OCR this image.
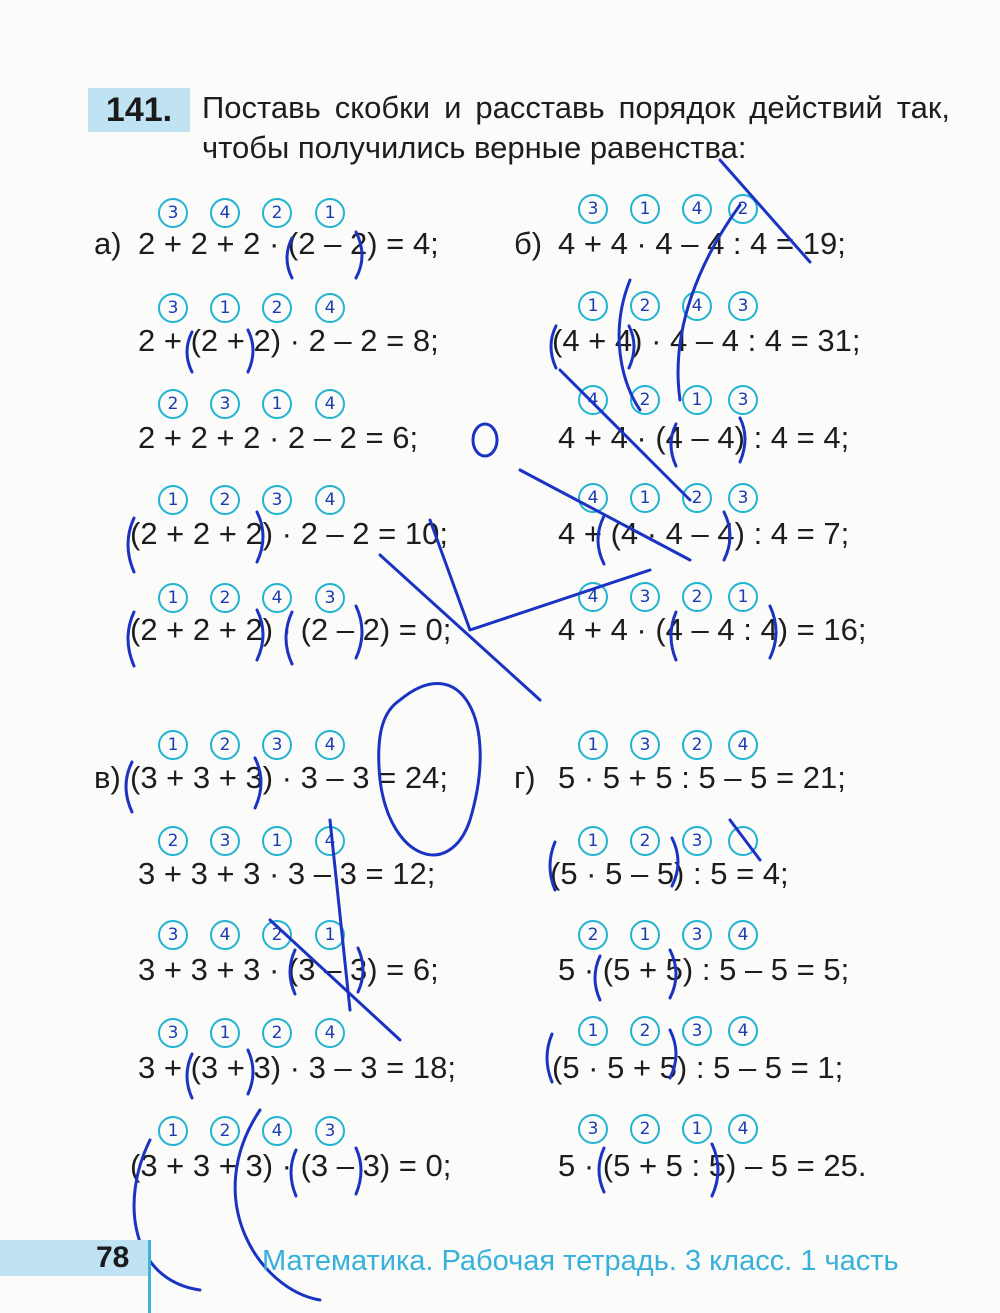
141. Поставь скобки и расставь порядок действий так, чтобы получились верные равенства:
а)	б)
в)	г)
2 + 2 + 2 · (2 – 2) = 4;
2 + (2 + 2) · 2 – 2 = 8;
2 + 2 + 2 · 2 – 2 = 6;
(2 + 2 + 2) · 2 – 2 = 10;
(2 + 2 + 2) · (2 – 2) = 0;
4 + 4 · 4 – 4 : 4 = 19;
(4 + 4) · 4 – 4 : 4 = 31;
4 + 4 · (4 – 4) : 4 = 4;
4 + (4 · 4 – 4) : 4 = 7;
4 + 4 · (4 – 4 : 4) = 16;
(3 + 3 + 3) · 3 – 3 = 24;
3 + 3 + 3 · 3 – 3 = 12;
3 + 3 + 3 · (3 – 3) = 6;
3 + (3 + 3) · 3 – 3 = 18;
(3 + 3 + 3) · (3 – 3) = 0;
5 · 5 + 5 : 5 – 5 = 21;
(5 · 5 – 5) : 5 = 4;
5 · (5 + 5) : 5 – 5 = 5;
(5 · 5 + 5) : 5 – 5 = 1;
5 · (5 + 5 : 5) – 5 = 25.
3	4	2	1
3	1	2	4
2	3	1	4
1	2	3	4
1	2	4	3
3	1	4	2
1	2	4	3
4	2	1	3
4	1	2	3
4	3	2	1
1	2	3	4
2	3	1	4
3	4	2	1
3	1	2	4
1	2	4	3
1	3	2	4
1	2	3
2	1	3	4
1	2	3	4
3	2	1	4
78	Математика. Рабочая тетрадь. 3 класс. 1 часть
